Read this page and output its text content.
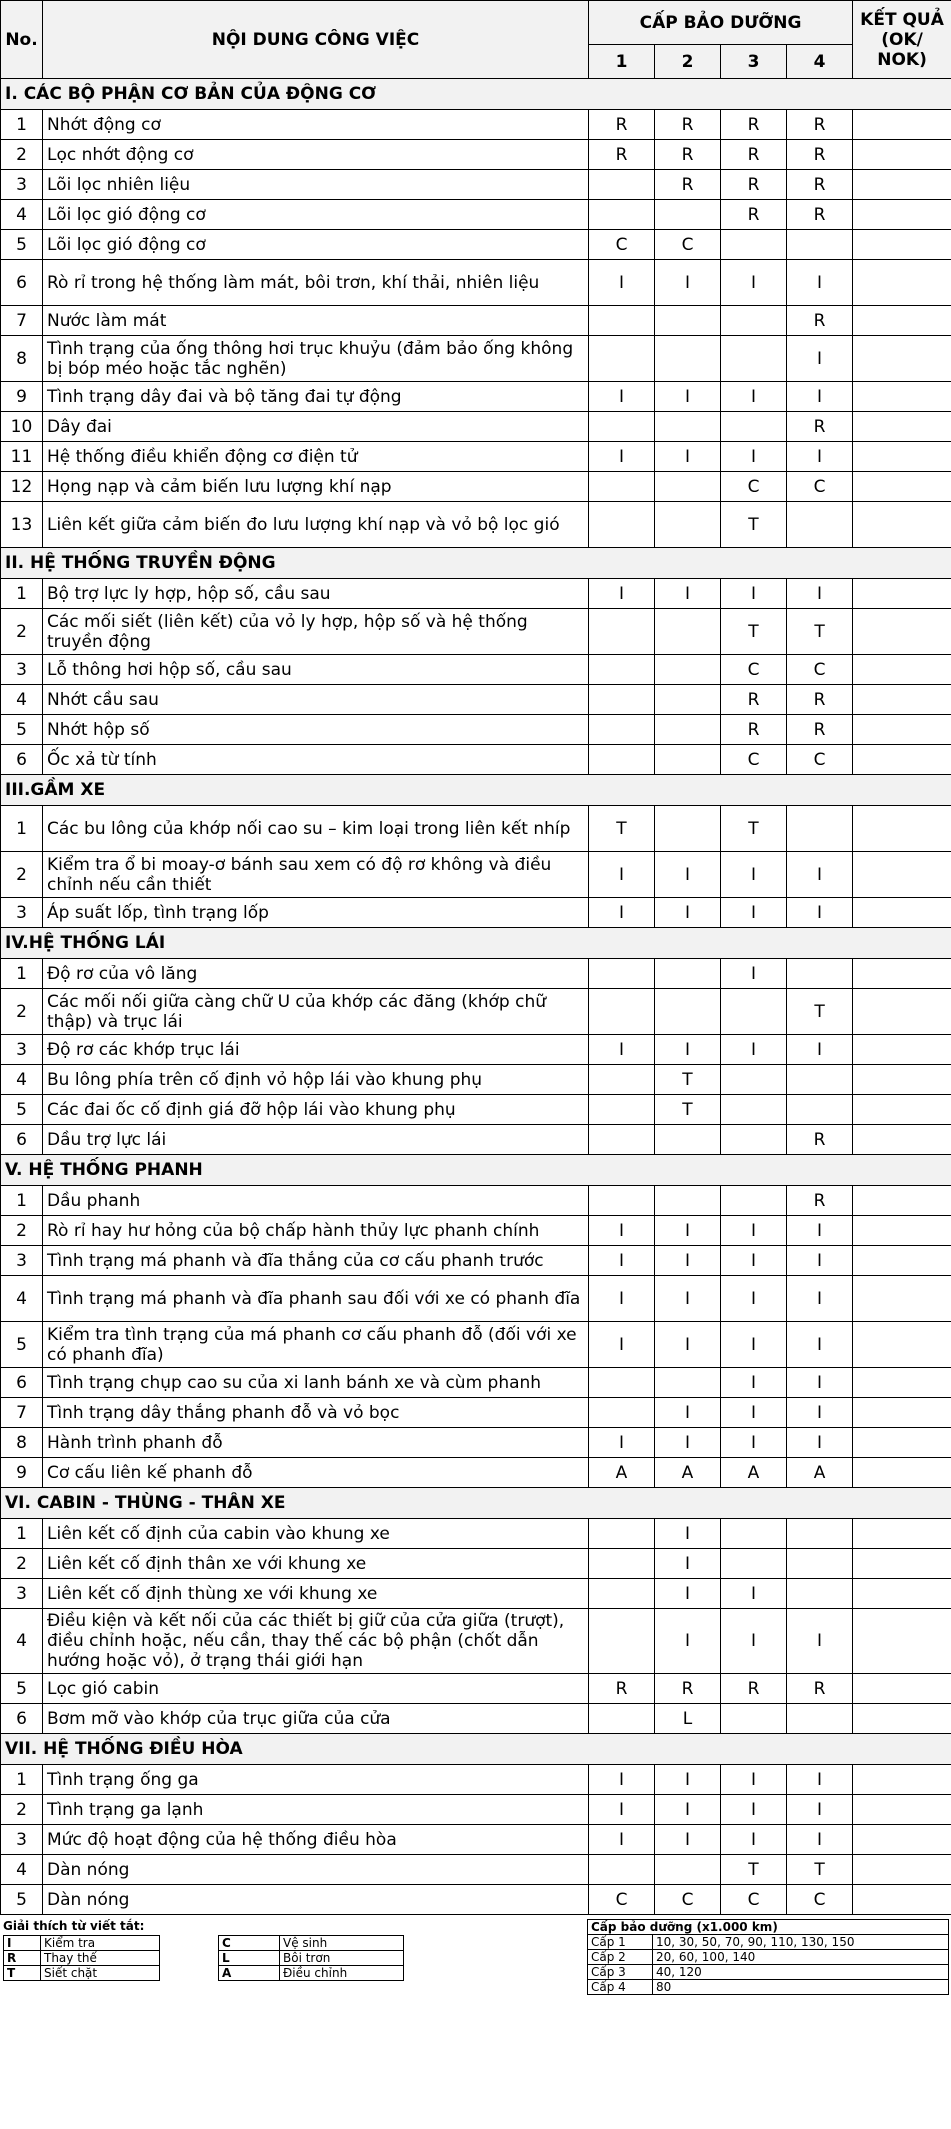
No.	NỘI DUNG CÔNG VIỆC	CẤP BẢO DƯỠNG				KẾT QUẢ (OK/ NOK)
		1	2	3	4	
I. CÁC BỘ PHẬN CƠ BẢN CỦA ĐỘNG CƠ						
1	Nhớt động cơ	R	R	R	R	
2	Lọc nhớt động cơ	R	R	R	R	
3	Lõi lọc nhiên liệu		R	R	R	
4	Lõi lọc gió động cơ			R	R	
5	Lõi lọc gió động cơ	C	C			
6	Rò rỉ trong hệ thống làm mát, bôi trơn, khí thải, nhiên liệu	I	I	I	I	
7	Nước làm mát				R	
8	Tình trạng của ống thông hơi trục khuỷu (đảm bảo ống không bị bóp méo hoặc tắc nghẽn)				I	
9	Tình trạng dây đai và bộ tăng đai tự động	I	I	I	I	
10	Dây đai				R	
11	Hệ thống điều khiển động cơ điện tử	I	I	I	I	
12	Họng nạp và cảm biến lưu lượng khí nạp			C	C	
13	Liên kết giữa cảm biến đo lưu lượng khí nạp và vỏ bộ lọc gió			T		
II. HỆ THỐNG TRUYỀN ĐỘNG						
1	Bộ trợ lực ly hợp, hộp số, cầu sau	I	I	I	I	
2	Các mối siết (liên kết) của vỏ ly hợp, hộp số và hệ thống truyền động			T	T	
3	Lỗ thông hơi hộp số, cầu sau			C	C	
4	Nhớt cầu sau			R	R	
5	Nhớt hộp số			R	R	
6	Ốc xả từ tính			C	C	
III.GẦM XE						
1	Các bu lông của khớp nối cao su – kim loại trong liên kết nhíp	T		T		
2	Kiểm tra ổ bi moay-ơ bánh sau xem có độ rơ không và điều chỉnh nếu cần thiết	I	I	I	I	
3	Áp suất lốp, tình trạng lốp	I	I	I	I	
IV.HỆ THỐNG LÁI						
1	Độ rơ của vô lăng			I		
2	Các mối nối giữa càng chữ U của khớp các đăng (khớp chữ thập) và trục lái				T	
3	Độ rơ các khớp trục lái	I	I	I	I	
4	Bu lông phía trên cố định vỏ hộp lái vào khung phụ		T			
5	Các đai ốc cố định giá đỡ hộp lái vào khung phụ		T			
6	Dầu trợ lực lái				R	
V. HỆ THỐNG PHANH						
1	Dầu phanh				R	
2	Rò rỉ hay hư hỏng của bộ chấp hành thủy lực phanh chính	I	I	I	I	
3	Tình trạng má phanh và đĩa thắng của cơ cấu phanh trước	I	I	I	I	
4	Tình trạng má phanh và đĩa phanh sau đối với xe có phanh đĩa	I	I	I	I	
5	Kiểm tra tình trạng của má phanh cơ cấu phanh đỗ (đối với xe có phanh đĩa)	I	I	I	I	
6	Tình trạng chụp cao su của xi lanh bánh xe và cùm phanh			I	I	
7	Tình trạng dây thắng phanh đỗ và vỏ bọc		I	I	I	
8	Hành trình phanh đỗ	I	I	I	I	
9	Cơ cấu liên kế phanh đỗ	A	A	A	A	
VI. CABIN - THÙNG - THÂN XE						
1	Liên kết cố định của cabin vào khung xe		I			
2	Liên kết cố định thân xe với khung xe		I			
3	Liên kết cố định thùng xe với khung xe		I	I		
4	Điều kiện và kết nối của các thiết bị giữ của cửa giữa (trượt), điều chỉnh hoặc, nếu cần, thay thế các bộ phận (chốt dẫn hướng hoặc vỏ), ở trạng thái giới hạn		I	I	I	
5	Lọc gió cabin	R	R	R	R	
6	Bơm mỡ vào khớp của trục giữa của cửa		L			
VII. HỆ THỐNG ĐIỀU HÒA						
1	Tình trạng ống ga	I	I	I	I	
2	Tình trạng ga lạnh	I	I	I	I	
3	Mức độ hoạt động của hệ thống điều hòa	I	I	I	I	
4	Dàn nóng			T	T	
5	Dàn nóng	C	C	C	C	
Giải thích từ viết tắt:
I	Kiểm tra
R	Thay thế
T	Siết chặt
C	Vệ sinh
L	Bôi trơn
A	Điều chỉnh
Cấp bảo dưỡng (x1.000 km)	
Cấp 1	10, 30, 50, 70, 90, 110, 130, 150
Cấp 2	20, 60, 100, 140
Cấp 3	40, 120
Cấp 4	80
